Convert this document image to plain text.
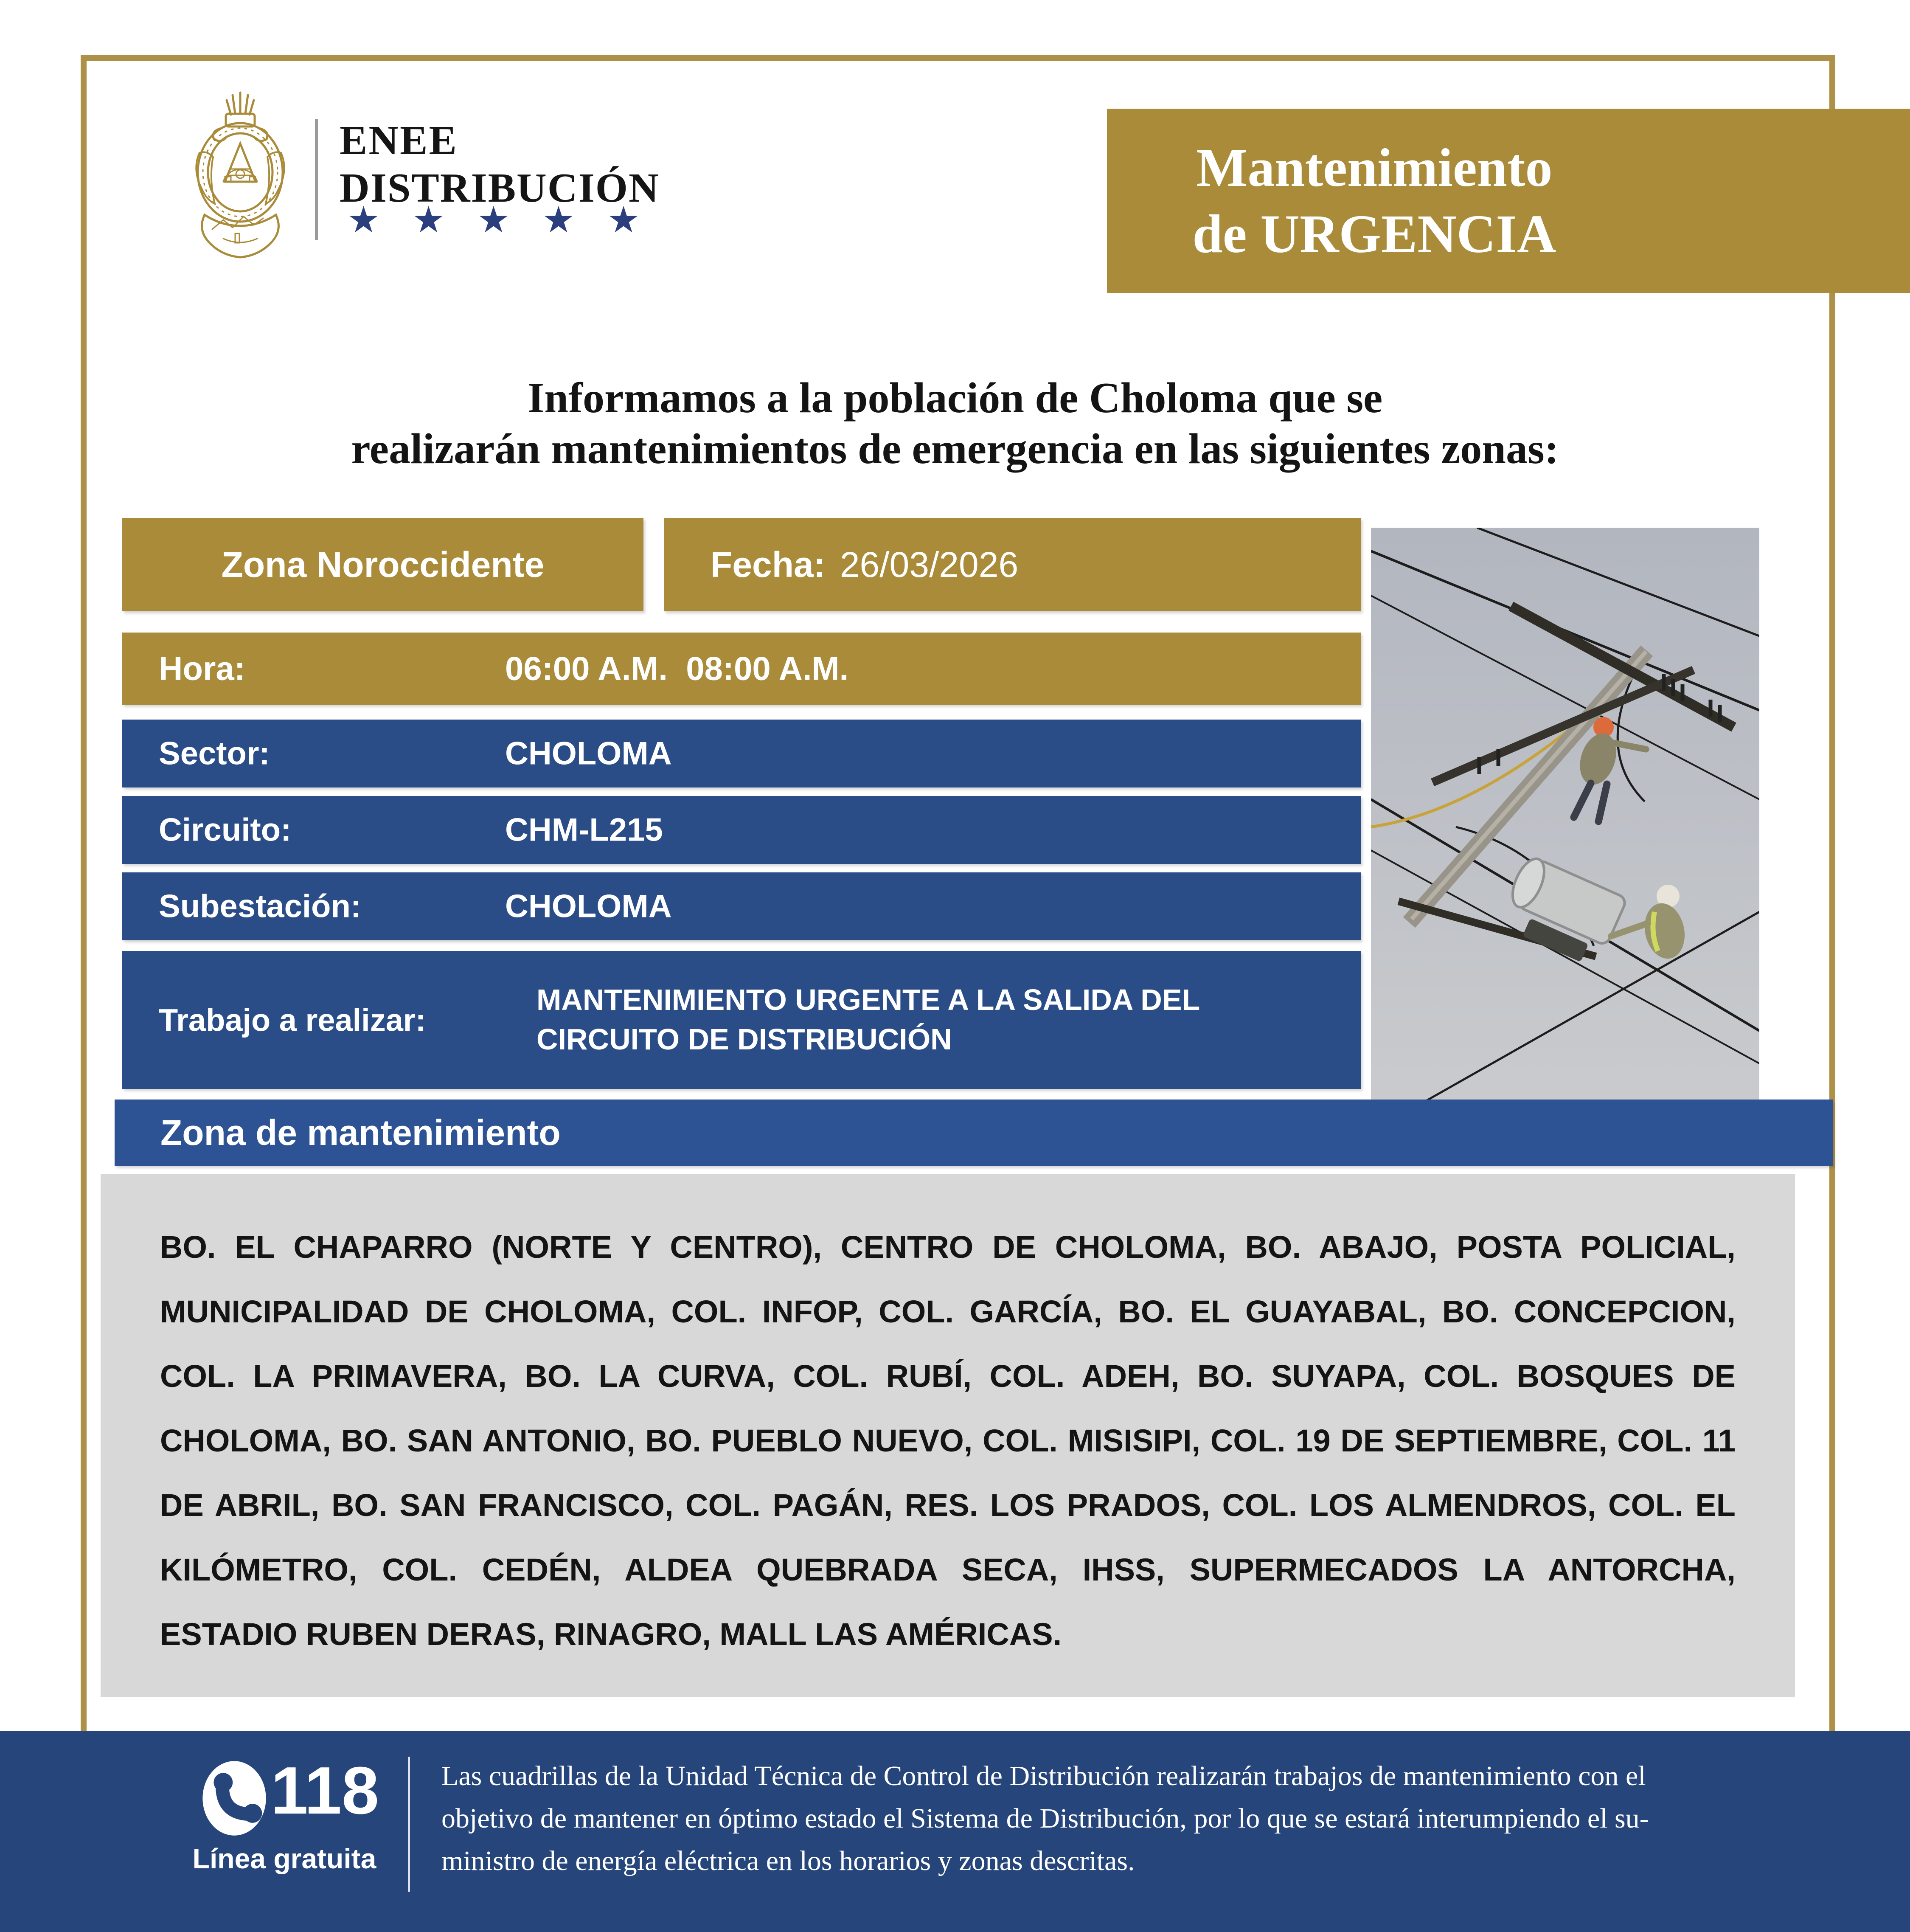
ENEE
DISTRIBUCIÓN
★ ★ ★ ★ ★
Mantenimiento
de URGENCIA
Informamos a la población de Choloma que se
realizarán mantenimientos de emergencia en las siguientes zonas:
Zona Noroccidente	Fecha: 26/03/2026
Hora:	06:00 A.M.  08:00 A.M.
Sector:	CHOLOMA
Circuito:	CHM-L215
Subestación:	CHOLOMA
Trabajo a realizar:
MANTENIMIENTO URGENTE A LA SALIDA DEL CIRCUITO DE DISTRIBUCIÓN
Zona de mantenimiento
BO. EL CHAPARRO (NORTE Y CENTRO), CENTRO DE CHOLOMA, BO. ABAJO, POSTA POLICIAL, MUNICIPALIDAD DE CHOLOMA, COL. INFOP, COL. GARCÍA, BO. EL GUAYABAL, BO. CONCEPCION, COL. LA PRIMAVERA, BO. LA CURVA, COL. RUBÍ, COL. ADEH, BO. SUYAPA, COL. BOSQUES DE CHOLOMA, BO. SAN ANTONIO, BO. PUEBLO NUEVO, COL. MISISIPI, COL. 19 DE SEPTIEMBRE, COL. 11 DE ABRIL, BO. SAN FRANCISCO, COL. PAGÁN, RES. LOS PRADOS, COL. LOS ALMENDROS, COL. EL KILÓMETRO, COL. CEDÉN, ALDEA QUEBRADA SECA, IHSS, SUPERMECADOS LA ANTORCHA, ESTADIO RUBEN DERAS, RINAGRO, MALL LAS AMÉRICAS.
118
Línea gratuita
Las cuadrillas de la Unidad Técnica de Control de Distribución realizarán trabajos de mantenimiento con el
objetivo de mantener en óptimo estado el Sistema de Distribución, por lo que se estará interumpiendo el su-
ministro de energía eléctrica en los horarios y zonas descritas.
